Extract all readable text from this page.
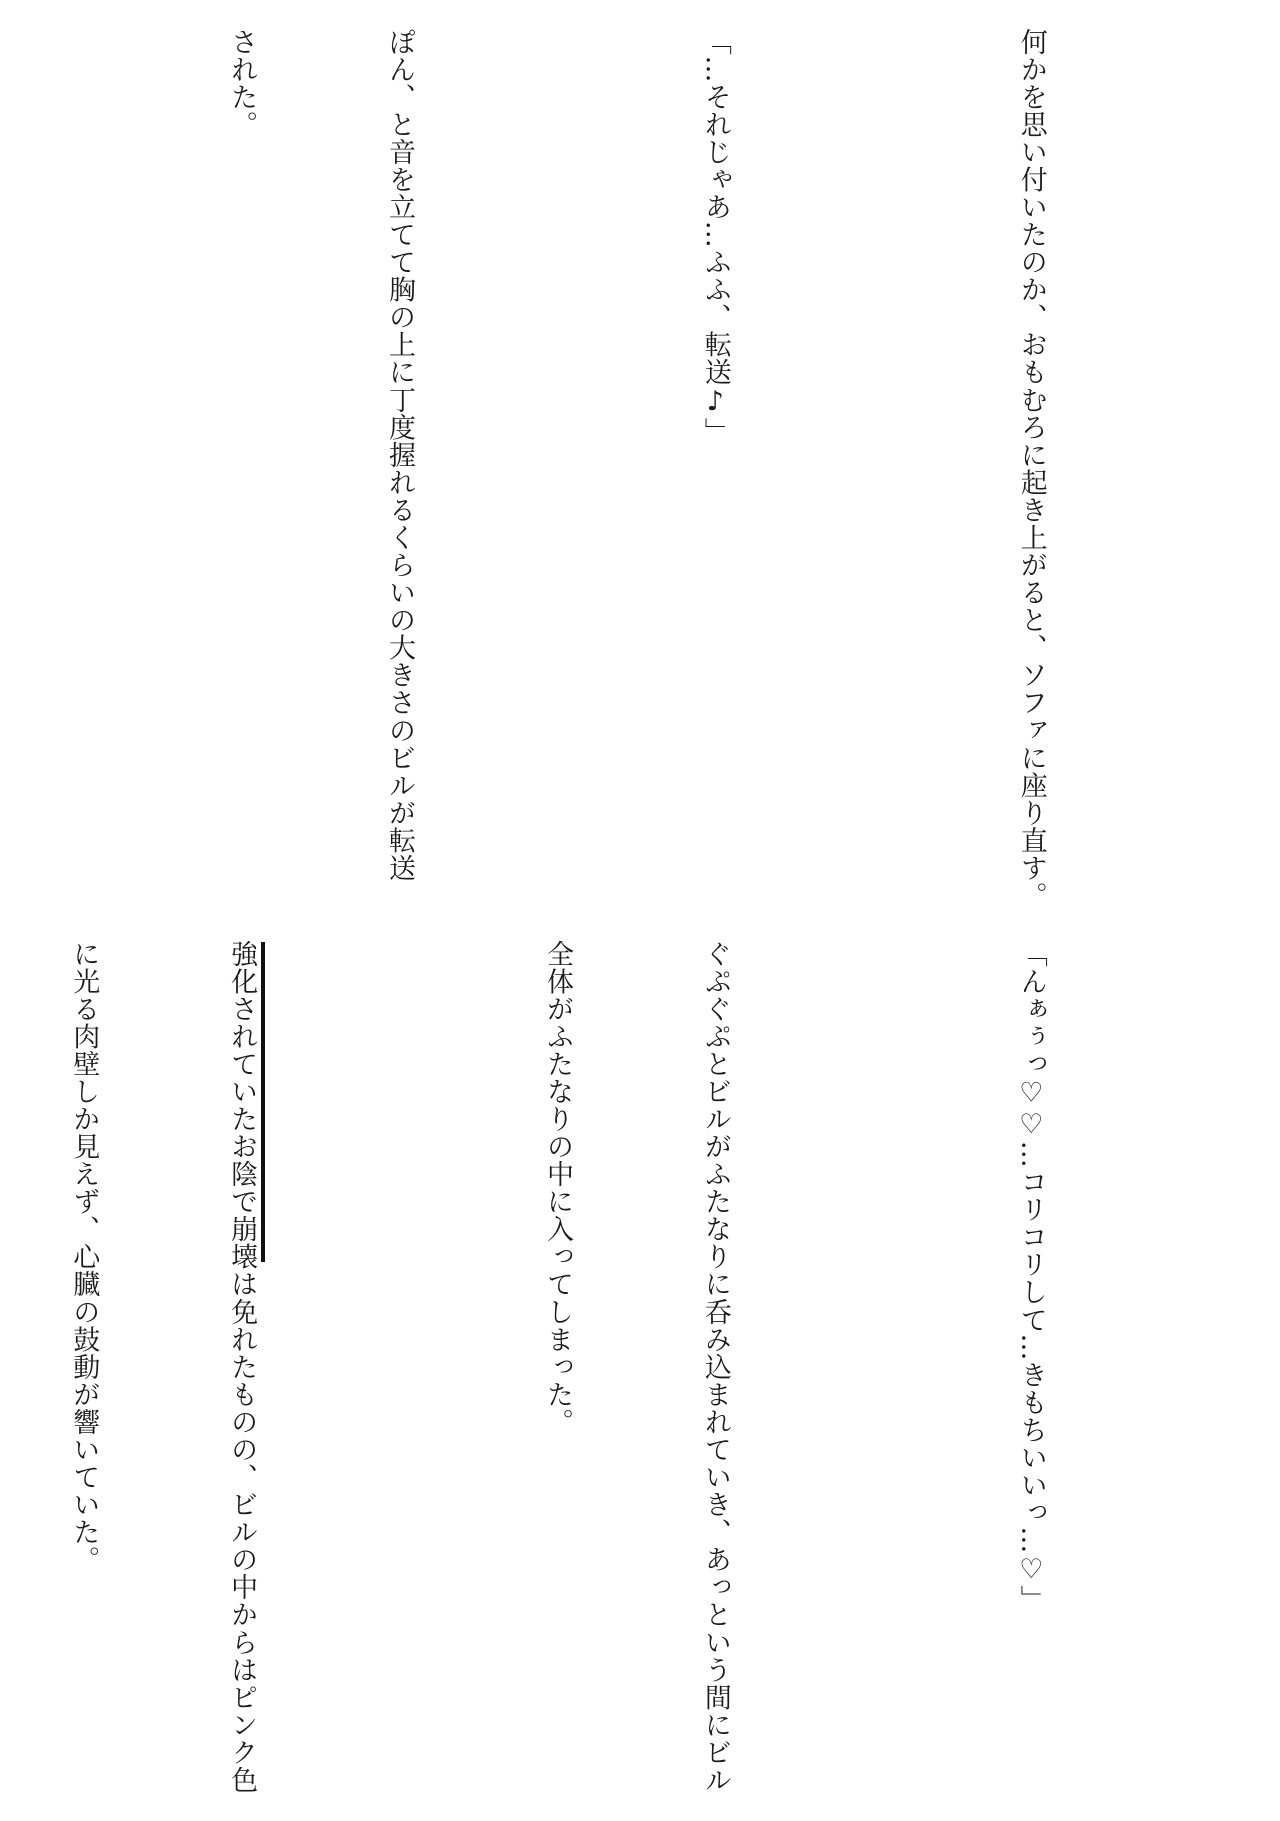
何かを思い付いたのか、おもむろに起き上がると、ソファに座り直す。

「…それじゃあ…ふふ、転送♪」

ぽん、と音を立てて胸の上に丁度握れるくらいの大きさのビルが転送

された。

「んぁぅっ♡♡…コリコリして…きもちいいっ…♡」

ぐぷぐぷとビルがふたなりに呑み込まれていき、あっという間にビル

全体がふたなりの中に入ってしまった。

強化されていたお陰で崩壊は免れたものの、ビルの中からはピンク色

に光る肉壁しか見えず、心臓の鼓動が響いていた。
